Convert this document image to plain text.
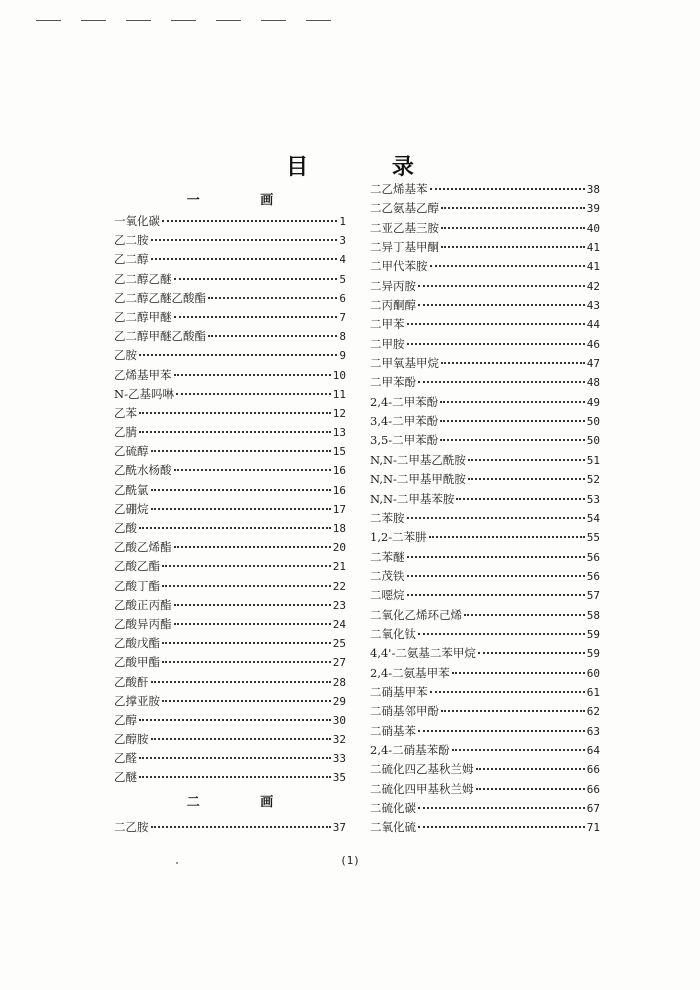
目 录
一 画
一氧化碳	1
乙二胺	3
乙二醇	4
乙二醇乙醚	5
乙二醇乙醚乙酸酯	6
乙二醇甲醚	7
乙二醇甲醚乙酸酯	8
乙胺	9
乙烯基甲苯	10
N-乙基吗啉	11
乙苯	12
乙腈	13
乙硫醇	15
乙酰水杨酸	16
乙酰氯	16
乙硼烷	17
乙酸	18
乙酸乙烯酯	20
乙酸乙酯	21
乙酸丁酯	22
乙酸正丙酯	23
乙酸异丙酯	24
乙酸戊酯	25
乙酸甲酯	27
乙酸酐	28
乙撑亚胺	29
乙醇	30
乙醇胺	32
乙醛	33
乙醚	35
二 画
二乙胺	37
二乙烯基苯	38
二乙氨基乙醇	39
二亚乙基三胺	40
二异丁基甲酮	41
二甲代苯胺	41
二异丙胺	42
二丙酮醇	43
二甲苯	44
二甲胺	46
二甲氧基甲烷	47
二甲苯酚	48
2,4-二甲苯酚	49
3,4-二甲苯酚	50
3,5-二甲苯酚	50
N,N-二甲基乙酰胺	51
N,N-二甲基甲酰胺	52
N,N-二甲基苯胺	53
二苯胺	54
1,2-二苯肼	55
二苯醚	56
二茂铁	56
二噁烷	57
二氧化乙烯环己烯	58
二氧化钛	59
4,4'-二氨基二苯甲烷	59
2,4-二氨基甲苯	60
二硝基甲苯	61
二硝基邻甲酚	62
二硝基苯	63
2,4-二硝基苯酚	64
二硫化四乙基秋兰姆	66
二硫化四甲基秋兰姆	66
二硫化碳	67
二氧化硫	71
(1)
